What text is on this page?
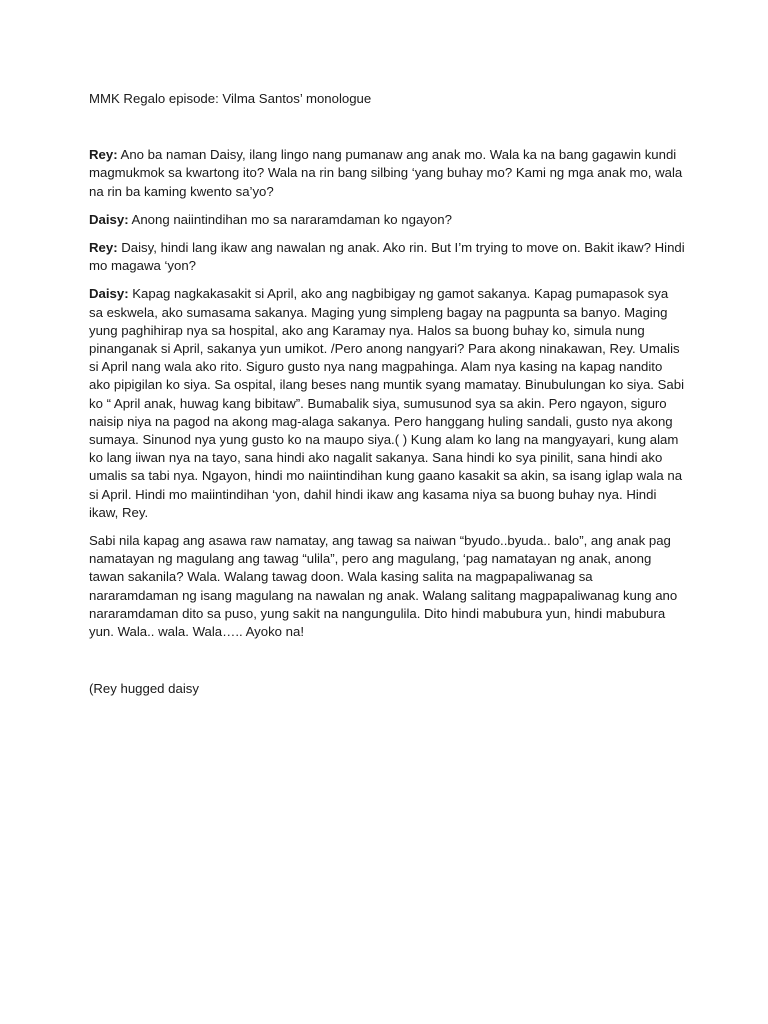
MMK Regalo episode: Vilma Santos’ monologue

Rey: Ano ba naman Daisy, ilang lingo nang pumanaw ang anak mo. Wala ka na bang gagawin kundi magmukmok sa kwartong ito? Wala na rin bang silbing ‘yang buhay mo? Kami ng mga anak mo, wala na rin ba kaming kwento sa’yo?

Daisy: Anong naiintindihan mo sa nararamdaman ko ngayon?

Rey: Daisy, hindi lang ikaw ang nawalan ng anak. Ako rin. But I’m trying to move on. Bakit ikaw? Hindi mo magawa ‘yon?

Daisy: Kapag nagkakasakit si April, ako ang nagbibigay ng gamot sakanya. Kapag pumapasok sya sa eskwela, ako sumasama sakanya. Maging yung simpleng bagay na pagpunta sa banyo. Maging yung paghihirap nya sa hospital, ako ang Karamay nya. Halos sa buong buhay ko, simula nung pinanganak si April, sakanya yun umikot. /Pero anong nangyari? Para akong ninakawan, Rey. Umalis si April nang wala ako rito. Siguro gusto nya nang magpahinga. Alam nya kasing na kapag nandito ako pipigilan ko siya. Sa ospital, ilang beses nang muntik syang mamatay. Binubulungan ko siya. Sabi ko “ April anak, huwag kang bibitaw”. Bumabalik siya, sumusunod sya sa akin. Pero ngayon, siguro naisip niya na pagod na akong mag-alaga sakanya. Pero hanggang huling sandali, gusto nya akong sumaya. Sinunod nya yung gusto ko na maupo siya.( ) Kung alam ko lang na mangyayari, kung alam ko lang iiwan nya na tayo, sana hindi ako nagalit sakanya. Sana hindi ko sya pinilit, sana hindi ako umalis sa tabi nya. Ngayon, hindi mo naiintindihan kung gaano kasakit sa akin, sa isang iglap wala na si April. Hindi mo maiintindihan ‘yon, dahil hindi ikaw ang kasama niya sa buong buhay nya. Hindi ikaw, Rey.

Sabi nila kapag ang asawa raw namatay, ang tawag sa naiwan “byudo..byuda.. balo”, ang anak pag namatayan ng magulang ang tawag “ulila”, pero ang magulang, ‘pag namatayan ng anak, anong tawan sakanila? Wala. Walang tawag doon. Wala kasing salita na magpapaliwanag sa nararamdaman ng isang magulang na nawalan ng anak. Walang salitang magpapaliwanag kung ano nararamdaman dito sa puso, yung sakit na nangungulila. Dito hindi mabubura yun, hindi mabubura yun. Wala.. wala. Wala….. Ayoko na!

(Rey hugged daisy
